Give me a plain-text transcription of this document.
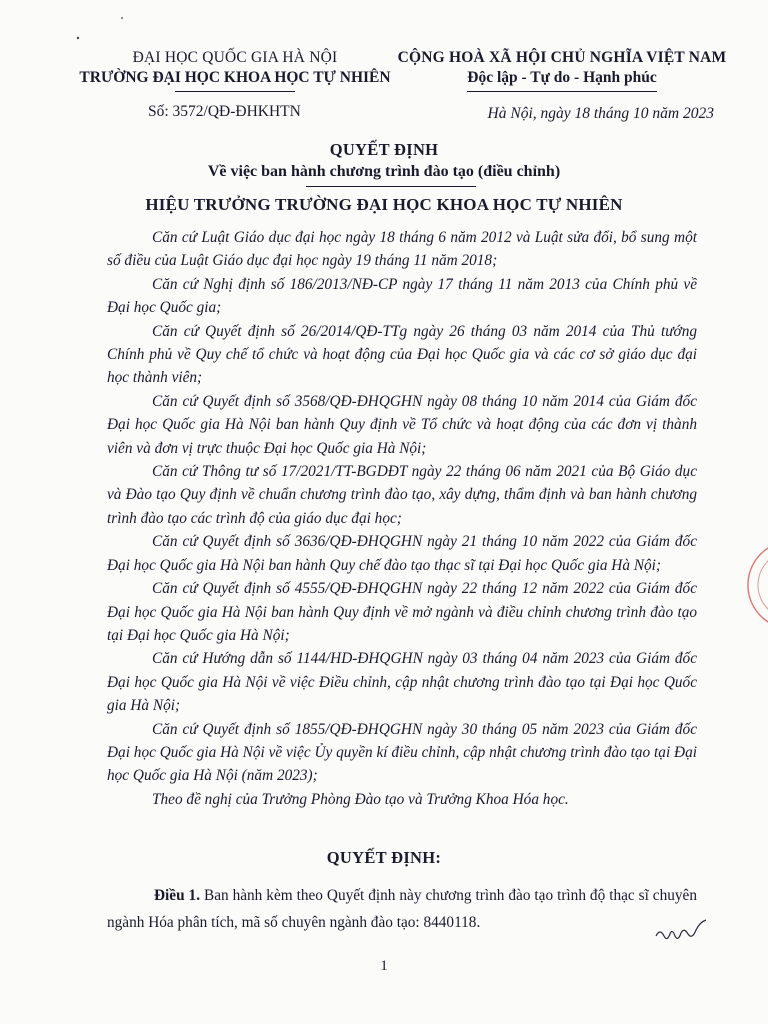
ĐẠI HỌC QUỐC GIA HÀ NỘI
TRƯỜNG ĐẠI HỌC KHOA HỌC TỰ NHIÊN
CỘNG HOÀ XÃ HỘI CHỦ NGHĨA VIỆT NAM
Độc lập - Tự do - Hạnh phúc
Số: 3572/QĐ-ĐHKHTN	Hà Nội, ngày 18 tháng 10 năm 2023
QUYẾT ĐỊNH
Về việc ban hành chương trình đào tạo (điều chỉnh)
HIỆU TRƯỞNG TRƯỜNG ĐẠI HỌC KHOA HỌC TỰ NHIÊN

Căn cứ Luật Giáo dục đại học ngày 18 tháng 6 năm 2012 và Luật sửa đổi, bổ sung một số điều của Luật Giáo dục đại học ngày 19 tháng 11 năm 2018;

Căn cứ Nghị định số 186/2013/NĐ-CP ngày 17 tháng 11 năm 2013 của Chính phủ về Đại học Quốc gia;

Căn cứ Quyết định số 26/2014/QĐ-TTg ngày 26 tháng 03 năm 2014 của Thủ tướng Chính phủ về Quy chế tổ chức và hoạt động của Đại học Quốc gia và các cơ sở giáo dục đại học thành viên;

Căn cứ Quyết định số 3568/QĐ-ĐHQGHN ngày 08 tháng 10 năm 2014 của Giám đốc Đại học Quốc gia Hà Nội ban hành Quy định về Tổ chức và hoạt động của các đơn vị thành viên và đơn vị trực thuộc Đại học Quốc gia Hà Nội;

Căn cứ Thông tư số 17/2021/TT-BGDĐT ngày 22 tháng 06 năm 2021 của Bộ Giáo dục và Đào tạo Quy định về chuẩn chương trình đào tạo, xây dựng, thẩm định và ban hành chương trình đào tạo các trình độ của giáo dục đại học;

Căn cứ Quyết định số 3636/QĐ-ĐHQGHN ngày 21 tháng 10 năm 2022 của Giám đốc Đại học Quốc gia Hà Nội ban hành Quy chế đào tạo thạc sĩ tại Đại học Quốc gia Hà Nội;

Căn cứ Quyết định số 4555/QĐ-ĐHQGHN ngày 22 tháng 12 năm 2022 của Giám đốc Đại học Quốc gia Hà Nội ban hành Quy định về mở ngành và điều chỉnh chương trình đào tạo tại Đại học Quốc gia Hà Nội;

Căn cứ Hướng dẫn số 1144/HD-ĐHQGHN ngày 03 tháng 04 năm 2023 của Giám đốc Đại học Quốc gia Hà Nội về việc Điều chỉnh, cập nhật chương trình đào tạo tại Đại học Quốc gia Hà Nội;

Căn cứ Quyết định số 1855/QĐ-ĐHQGHN ngày 30 tháng 05 năm 2023 của Giám đốc Đại học Quốc gia Hà Nội về việc Ủy quyền kí điều chỉnh, cập nhật chương trình đào tạo tại Đại học Quốc gia Hà Nội (năm 2023);

Theo đề nghị của Trưởng Phòng Đào tạo và Trưởng Khoa Hóa học.

QUYẾT ĐỊNH:
Điều 1. Ban hành kèm theo Quyết định này chương trình đào tạo trình độ thạc sĩ chuyên ngành Hóa phân tích, mã số chuyên ngành đào tạo: 8440118.
1
